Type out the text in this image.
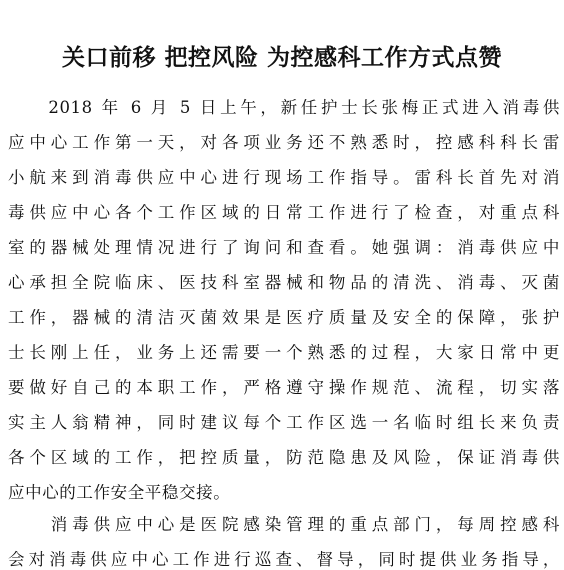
关口前移 把控风险 为控感科工作方式点赞
　　2018 年 6 月 5 日上午，新任护士长张梅正式进入消毒供
应中心工作第一天，对各项业务还不熟悉时，控感科科长雷
小航来到消毒供应中心进行现场工作指导。雷科长首先对消
毒供应中心各个工作区域的日常工作进行了检查，对重点科
室的器械处理情况进行了询问和查看。她强调：消毒供应中
心承担全院临床、医技科室器械和物品的清洗、消毒、灭菌
工作，器械的清洁灭菌效果是医疗质量及安全的保障，张护
士长刚上任，业务上还需要一个熟悉的过程，大家日常中更
要做好自己的本职工作，严格遵守操作规范、流程，切实落
实主人翁精神，同时建议每个工作区选一名临时组长来负责
各个区域的工作，把控质量，防范隐患及风险，保证消毒供
应中心的工作安全平稳交接。
　　消毒供应中心是医院感染管理的重点部门，每周控感科
会对消毒供应中心工作进行巡查、督导，同时提供业务指导，
